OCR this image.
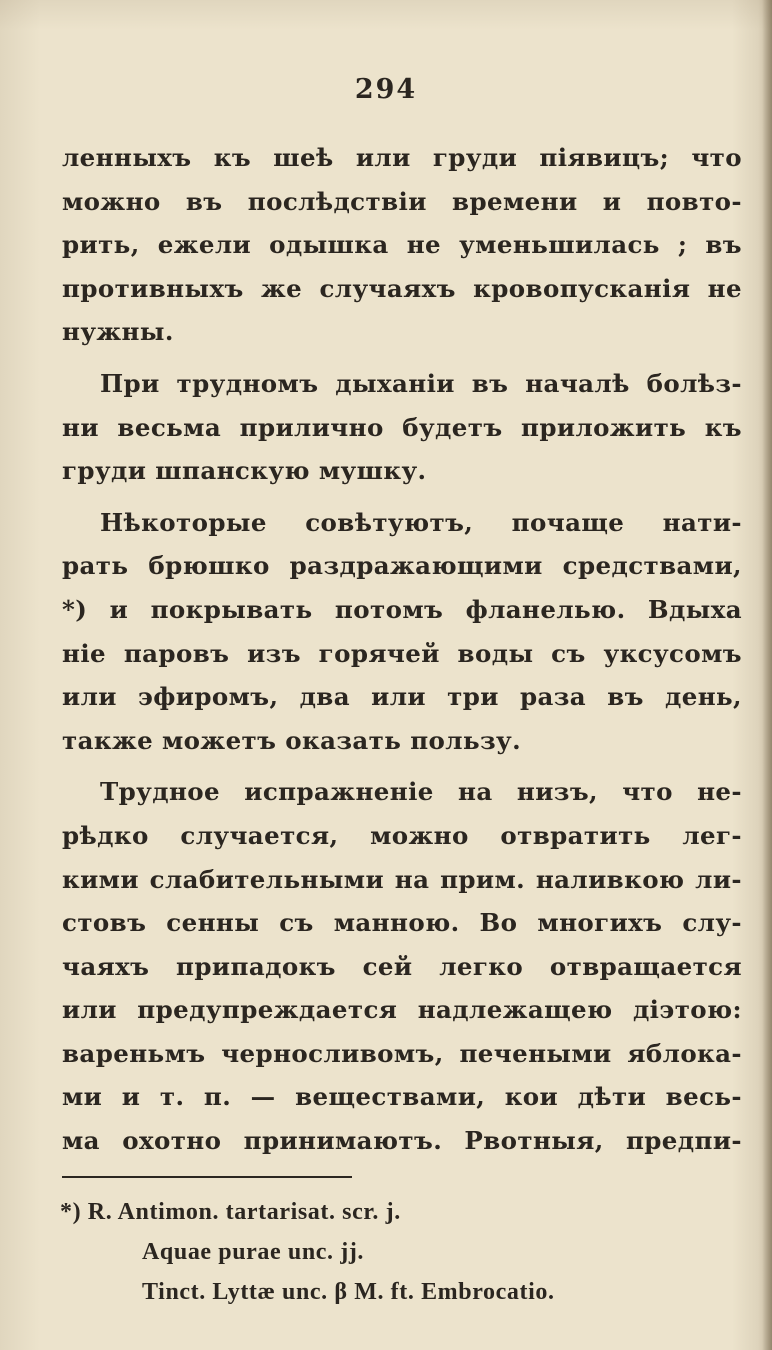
294
ленныхъ къ шеѣ или груди піявицъ; что
можно въ послѣдствіи времени и повто-
рить, ежели одышка не уменьшилась ; въ
противныхъ же случаяхъ кровопусканія не
нужны.
При трудномъ дыханіи въ началѣ болѣз-
ни весьма прилично будетъ приложить къ
груди шпанскую мушку.
Нѣкоторые совѣтуютъ, почаще нати-
рать брюшко раздражающими средствами,
*) и покрывать потомъ фланелью. Вдыха
ніе паровъ изъ горячей воды съ уксусомъ
или эфиромъ, два или три раза въ день,
также можетъ оказать пользу.
Трудное испражненіе на низъ, что не-
рѣдко случается, можно отвратить лег-
кими слабительными на прим. наливкою ли-
стовъ сенны съ манною. Во многихъ слу-
чаяхъ припадокъ сей легко отвращается
или предупреждается надлежащею діэтою:
вареньмъ черносливомъ, печеными яблока-
ми и т. п. — веществами, кои дѣти весь-
ма охотно принимаютъ. Рвотныя, предпи-
*) R. Antimon. tartarisat. scr. j.
Aquae purae unc. jj.
Tinct. Lyttæ unc. β M. ft. Embrocatio.
